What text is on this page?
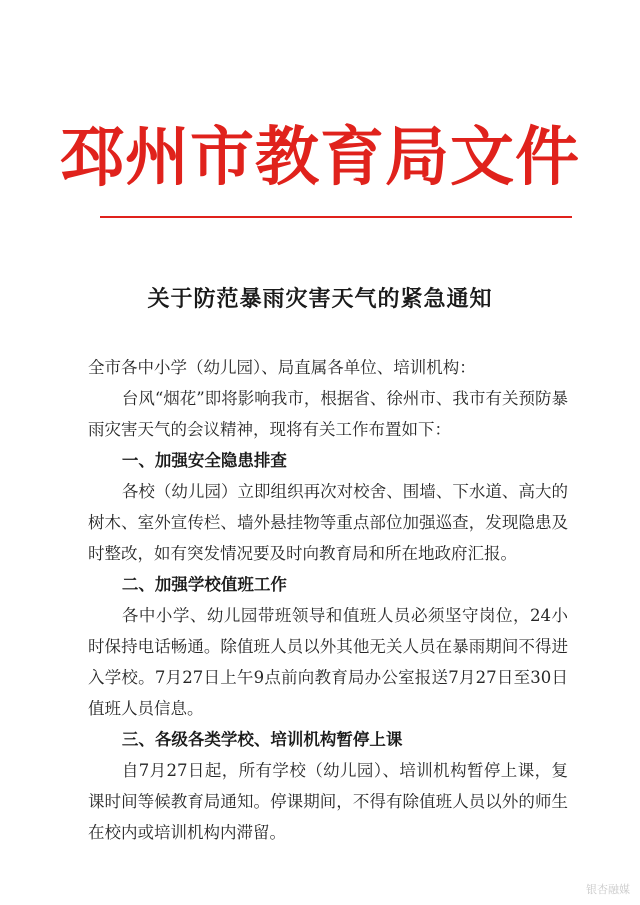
邳州市教育局文件
关于防范暴雨灾害天气的紧急通知

全市各中小学（幼儿园）、局直属各单位、培训机构：

台风“烟花”即将影响我市，根据省、徐州市、我市有关预防暴雨灾害天气的会议精神，现将有关工作布置如下：

一、加强安全隐患排查

各校（幼儿园）立即组织再次对校舍、围墙、下水道、高大的树木、室外宣传栏、墙外悬挂物等重点部位加强巡查，发现隐患及时整改，如有突发情况要及时向教育局和所在地政府汇报。

二、加强学校值班工作

各中小学、幼儿园带班领导和值班人员必须坚守岗位，24小时保持电话畅通。除值班人员以外其他无关人员在暴雨期间不得进入学校。7月27日上午9点前向教育局办公室报送7月27日至30日值班人员信息。

三、各级各类学校、培训机构暂停上课

自7月27日起，所有学校（幼儿园）、培训机构暂停上课，复课时间等候教育局通知。停课期间，不得有除值班人员以外的师生在校内或培训机构内滞留。

银杏融媒
